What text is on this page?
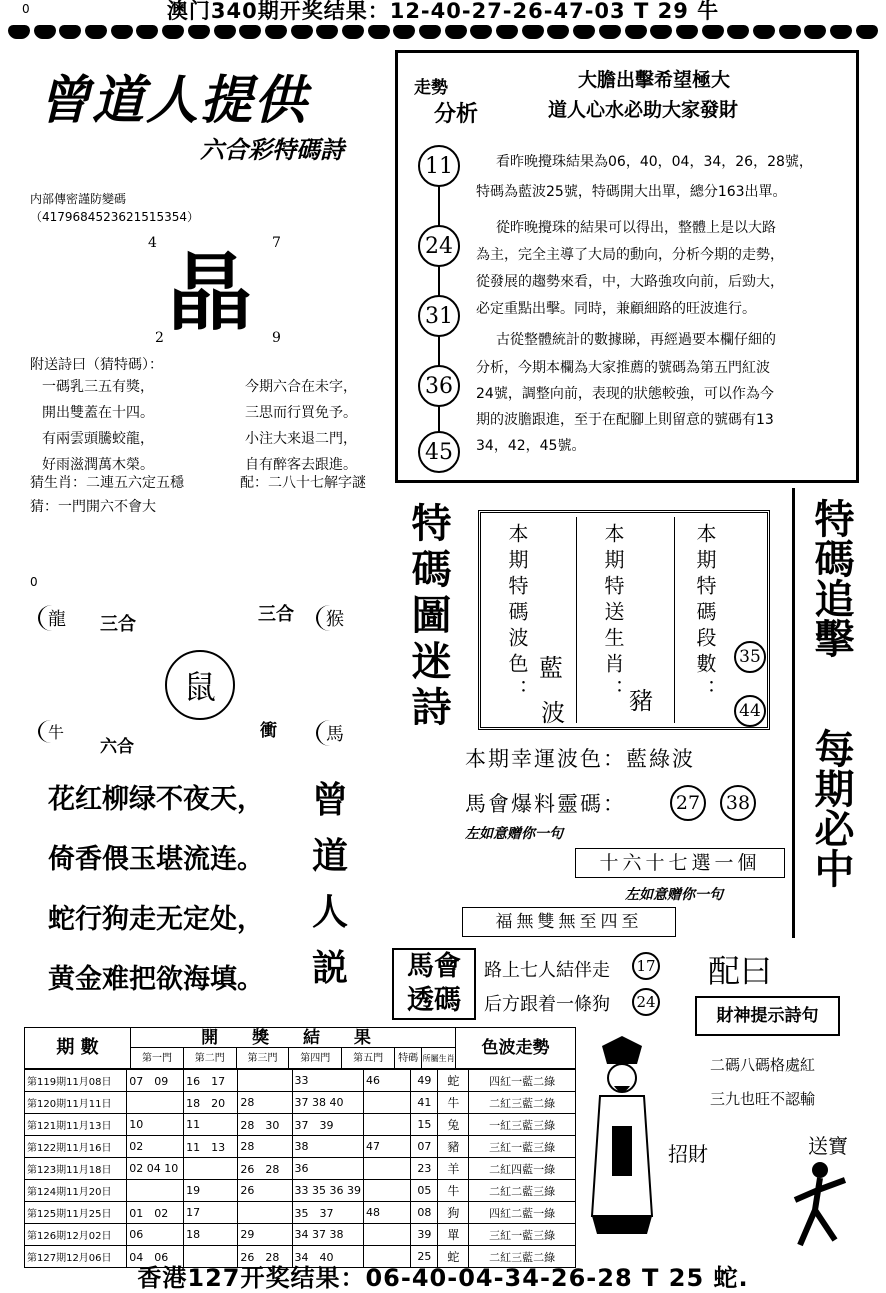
0	澳门340期开奖结果：12-40-27-26-47-03 T 29 牛
曾道人提供
六合彩特碼詩
内部傳密謹防變碼
（417968452362151535​4）
4	7
晶
2	9
附送詩曰（猜特碼）：
一碼乳三五有獎，
開出雙蓋在十四。
有兩雲頭騰蛟龍，
好雨滋潤萬木榮。
今期六合在未字，
三思而行買免予。
小注大来退二門，
自有醉客去跟進。
猜生肖：二連五六定五穩	配：二八十七解字謎
猜：一門開六不會大
走勢
分析
大膽出擊希望極大
道人心水必助大家發財
11
24
31
36
45
看昨晚攪珠結果為06，40，04，34，26，28號，
特碼為藍波25號，特碼開大出單，總分163出單。
從昨晚攪珠的結果可以得出，整體上是以大路
為主，完全主導了大局的動向，分析今期的走勢，
從發展的趨勢來看，中，大路強攻向前，后勁大，
必定重點出擊。同時，兼顧細路的旺波進行。
古從整體統計的數據睇，再經過要本欄仔細的
分析，今期本欄為大家推薦的號碼為第五門紅波
24號，調整向前，表现的狀態較強，可以作為今
期的波膽跟進，至于在配腳上則留意的號碼有13
34，42，45號。
0
龍 三合	三合	猴
鼠
牛
六合
衝	馬
花红柳绿不夜天，
倚香偎玉堪流连。
蛇行狗走无定处，
黄金难把欲海填。
曾
道
人
説
特碼圖迷詩	本期特碼波色： 藍
波
本期特送生肖： 豬 本期特碼段數：	35
44
本期幸運波色：藍綠波
馬會爆料靈碼：	27	38
左如意赠你一句
十六十七選一個
左如意赠你一句
福無雙無至四至
特碼追擊
每期必中
馬會
透碼
路上七人結伴走
后方跟着一條狗
17
24
配曰
財神提示詩句
二碼八碼格處紅
三九也旺不認輸
招財	送寶
期 數	開 獎 結 果
第一門	第二門	第三門	第四門	第五門	特碼 所屬生肖
色波走勢
第119期11月08日	07　09	16　17		33	46	49	蛇	四紅一藍二綠
第120期11月11日		18　20	28	37 38 40		41	牛	二紅三藍二綠
第121期11月13日	10	11	28　30	37　39		15	兔	一紅三藍三綠
第122期11月16日	02	11　13	28	38	47	07	豬	三紅一藍三綠
第123期11月18日	02 04 10		26　28	36		23	羊	二紅四藍一綠
第124期11月20日		19	26	33 35 36 39		05	牛	二紅二藍三綠
第125期11月25日	01　02	17		35　37	48	08	狗	四紅二藍一綠
第126期12月02日	06	18	29	34 37 38		39	單	三紅一藍三綠
第127期12月06日	04　06		26　28	34　40		25	蛇	二紅三藍二綠
香港127开奖结果：06-40-04-34-26-28 T 25 蛇.
